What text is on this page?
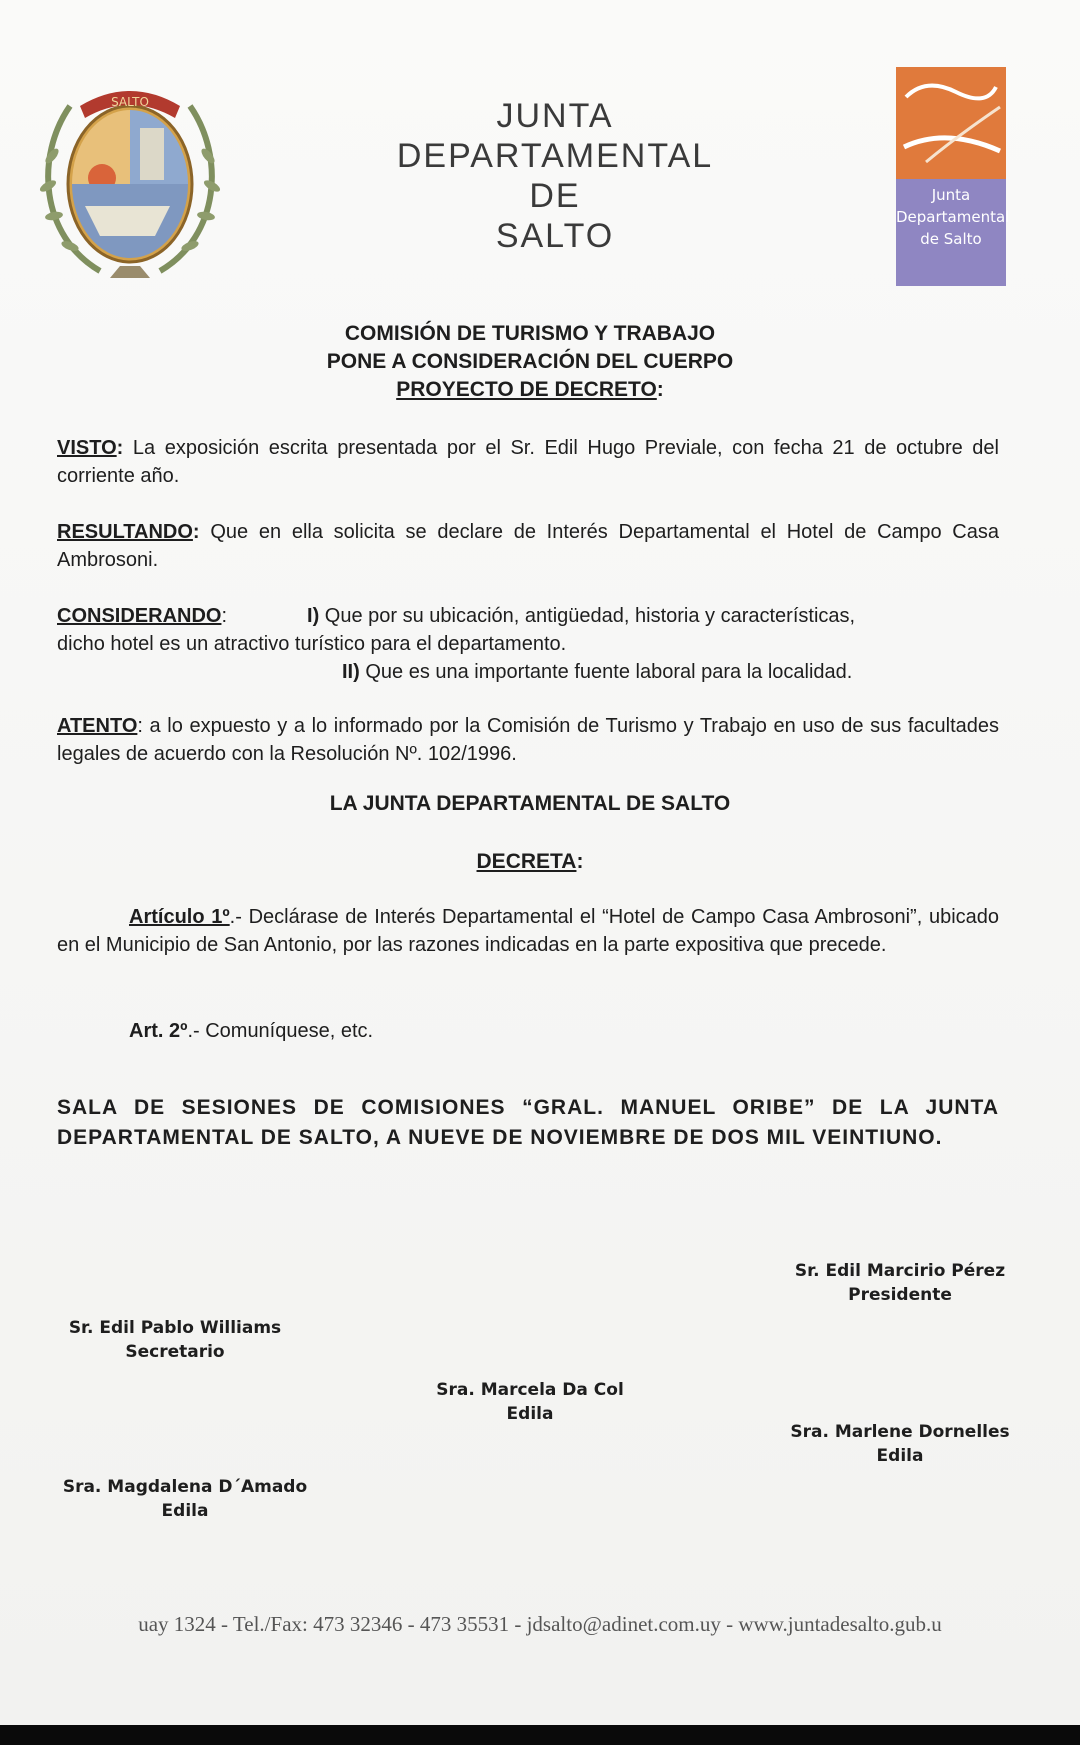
SALTO	JUNTA
DEPARTAMENTAL
DE
SALTO
Junta
Departamental
de Salto
COMISIÓN DE TURISMO Y TRABAJO
PONE A CONSIDERACIÓN DEL CUERPO
PROYECTO DE DECRETO:
VISTO: La exposición escrita presentada por el Sr. Edil Hugo Previale, con fecha 21 de octubre del corriente año.
RESULTANDO: Que en ella solicita se declare de Interés Departamental el Hotel de Campo Casa Ambrosoni.
CONSIDERANDO:	I) Que por su ubicación, antigüedad, historia y características,
dicho hotel es un atractivo turístico para el departamento.
II) Que es una importante fuente laboral para la localidad.
ATENTO: a lo expuesto y a lo informado por la Comisión de Turismo y Trabajo en uso de sus facultades legales de acuerdo con la Resolución Nº. 102/1996.
LA JUNTA DEPARTAMENTAL DE SALTO
DECRETA:
Artículo 1º.- Declárase de Interés Departamental el “Hotel de Campo Casa Ambrosoni”, ubicado en el Municipio de San Antonio, por las razones indicadas en la parte expositiva que precede.
Art. 2º.- Comuníquese, etc.
SALA DE SESIONES DE COMISIONES “GRAL. MANUEL ORIBE” DE LA JUNTA DEPARTAMENTAL DE SALTO, A NUEVE DE NOVIEMBRE DE DOS MIL VEINTIUNO.
Sr. Edil Marcirio Pérez
Presidente
Sr. Edil Pablo Williams
Secretario
Sra. Marcela Da Col
Edila
Sra. Marlene Dornelles
Edila
Sra. Magdalena D´Amado
Edila
uay 1324 - Tel./Fax: 473 32346 - 473 35531 - jdsalto@adinet.com.uy - www.juntadesalto.gub.u
